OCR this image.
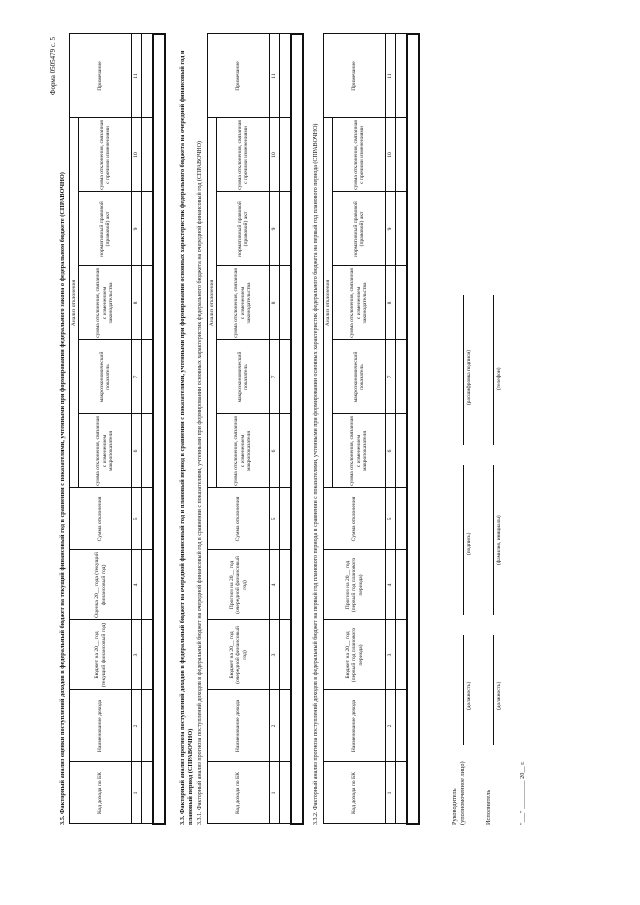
Форма 0505479 с. 5
3.5. Факторный анализ оценки поступлений доходов в федеральный бюджет на текущий финансовый год в сравнении с показателями, учтенными при формировании федерального закона о федеральном бюджете (СПРАВОЧНО)	Код дохода по БК	Наименование дохода	Бюджет на 20__ год (текущий финансовый год)	Оценка 20__ года (текущий финансовый год)	Сумма отклонения	Анализ отклонения					Примечание
					сумма отклонения, связанная с изменением макропоказателя	макроэкономический показатель	сумма отклонения, связанная с изменением законодательства	нормативный правовой (правовой) акт	сумма отклонения, связанная с прочими изменениями	
1	2	3	4	5	6	7	8	9	10	11
											3.3. Факторный анализ прогноза поступлений доходов в федеральный бюджет на очередной финансовый год и плановый период в сравнении с показателями, учтенными при формировании основных характеристик федерального бюджета на очередной финансовый год и плановый период (СПРАВОЧНО) 3.3.1. Факторный анализ прогноза поступлений доходов в федеральный бюджет на очередной финансовый год в сравнении с показателями, учтенными при формировании основных характеристик федерального бюджета на очередной финансовый год (СПРАВОЧНО)	Код дохода по БК	Наименование дохода	Бюджет на 20__ год (очередной финансовый год)	Прогноз на 20__ год (очередной финансовый год)	Сумма отклонения	Анализ отклонения					Примечание
					сумма отклонения, связанная с изменением макропоказателя	макроэкономический показатель	сумма отклонения, связанная с изменением законодательства	нормативный правовой (правовой) акт	сумма отклонения, связанная с прочими изменениями	
1	2	3	4	5	6	7	8	9	10	11

3.3.2. Факторный анализ прогноза поступлений доходов в федеральный бюджет на первый год планового периода в сравнении с показателями, учтенными при формировании основных характеристик федерального бюджета на первый год планового периода (СПРАВОЧНО)	Код дохода по БК	Наименование дохода	Бюджет на 20__ год (первый год планового периода)	Прогноз на 20__ год (первый год планового периода)	Сумма отклонения	Анализ отклонения					Примечание
					сумма отклонения, связанная с изменением макропоказателя	макроэкономический показатель	сумма отклонения, связанная с изменением законодательства	нормативный правовой (правовой) акт	сумма отклонения, связанная с прочими изменениями	
1	2	3	4	5	6	7	8	9	10	11

Руководитель (уполномоченное лицо)
(должность)
(подпись)
(расшифровка подписи)
Исполнитель
(должность)
(фамилия, инициалы)
(телефон)
"___" _________ 20__ г.
